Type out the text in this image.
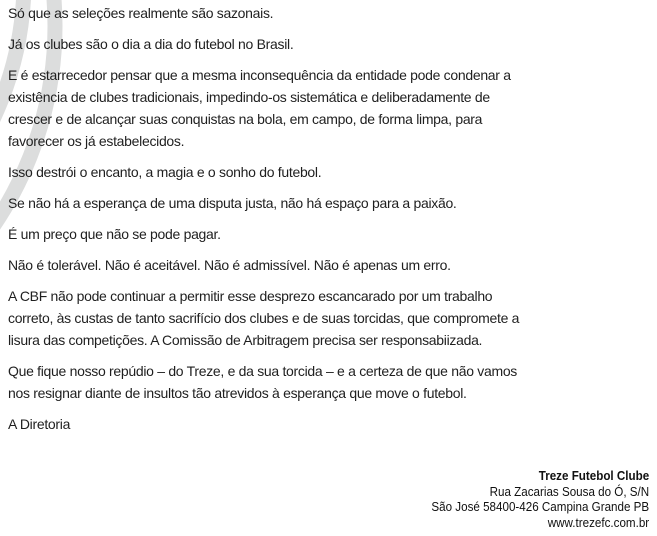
Só que as seleções realmente são sazonais.
Já os clubes são o dia a dia do futebol no Brasil.
E é estarrecedor pensar que a mesma inconsequência da entidade pode condenar a
existência de clubes tradicionais, impedindo-os sistemática e deliberadamente de
crescer e de alcançar suas conquistas na bola, em campo, de forma limpa, para
favorecer os já estabelecidos.
Isso destrói o encanto, a magia e o sonho do futebol.
Se não há a esperança de uma disputa justa, não há espaço para a paixão.
É um preço que não se pode pagar.
Não é tolerável. Não é aceitável. Não é admissível. Não é apenas um erro.
A CBF não pode continuar a permitir esse desprezo escancarado por um trabalho
correto, às custas de tanto sacrifício dos clubes e de suas torcidas, que compromete a
lisura das competições. A Comissão de Arbitragem precisa ser responsabiizada.
Que fique nosso repúdio – do Treze, e da sua torcida – e a certeza de que não vamos
nos resignar diante de insultos tão atrevidos à esperança que move o futebol.
A Diretoria
Treze Futebol Clube
Rua Zacarias Sousa do Ó, S/N
São José 58400-426 Campina Grande PB
www.trezefc.com.br
